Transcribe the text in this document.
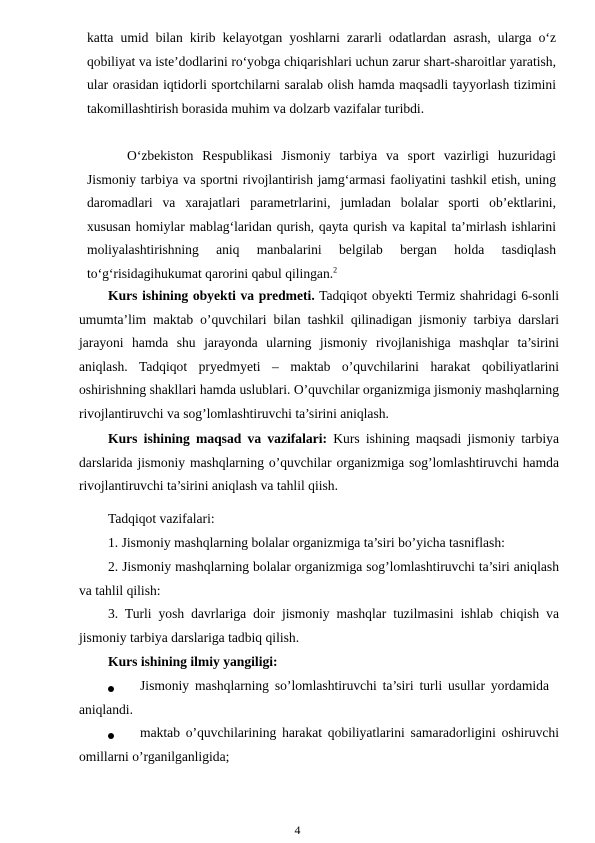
katta umid bilan kirib kelayotgan yoshlarni zararli odatlardan asrash, ularga o‘z qobiliyat va iste’dodlarini ro‘yobga chiqarishlari uchun zarur shart-sharoitlar yaratish, ular orasidan iqtidorli sportchilarni saralab olish hamda maqsadli tayyorlash tizimini takomillashtirish borasida muhim va dolzarb vazifalar turibdi.

O‘zbekiston Respublikasi Jismoniy tarbiya va sport vazirligi huzuridagi Jismoniy tarbiya va sportni rivojlantirish jamg‘armasi faoliyatini tashkil etish, uning daromadlari va xarajatlari parametrlarini, jumladan bolalar sporti ob’ektlarini, xususan homiylar mablag‘laridan qurish, qayta qurish va kapital ta’mirlash ishlarini moliyalashtirishning aniq manbalarini belgilab bergan holda tasdiqlash to‘g‘risidagihukumat qarorini qabul qilingan.$^2$

Kurs ishining obyekti va predmeti. Tadqiqot obyekti Termiz shahridagi 6-sonli umumta’lim maktab o’quvchilari bilan tashkil qilinadigan jismoniy tarbiya darslari jarayoni hamda shu jarayonda ularning jismoniy rivojlanishiga mashqlar ta’sirini aniqlash. Tadqiqot pryedmyeti – maktab o’quvchilarini harakat qobiliyatlarini oshirishning shakllari hamda uslublari. O’quvchilar organizmiga jismoniy mashqlarning rivojlantiruvchi va sog’lomlashtiruvchi ta’sirini aniqlash.

Kurs ishining maqsad va vazifalari: Kurs ishining maqsadi jismoniy tarbiya darslarida jismoniy mashqlarning o’quvchilar organizmiga sog’lomlashtiruvchi hamda rivojlantiruvchi ta’sirini aniqlash va tahlil qiish.

Tadqiqot vazifalari:

1. Jismoniy mashqlarning bolalar organizmiga ta’siri bo’yicha tasniflash:

2. Jismoniy mashqlarning bolalar organizmiga sog’lomlashtiruvchi ta’siri aniqlash va tahlil qilish:

3. Turli yosh davrlariga doir jismoniy mashqlar tuzilmasini ishlab chiqish va jismoniy tarbiya darslariga tadbiq qilish.

Kurs ishining ilmiy yangiligi:

Jismoniy mashqlarning so’lomlashtiruvchi ta’siri turli usullar yordamida aniqlandi.

maktab o’quvchilarining harakat qobiliyatlarini samaradorligini oshiruvchi omillarni o’rganilganligida;

4
